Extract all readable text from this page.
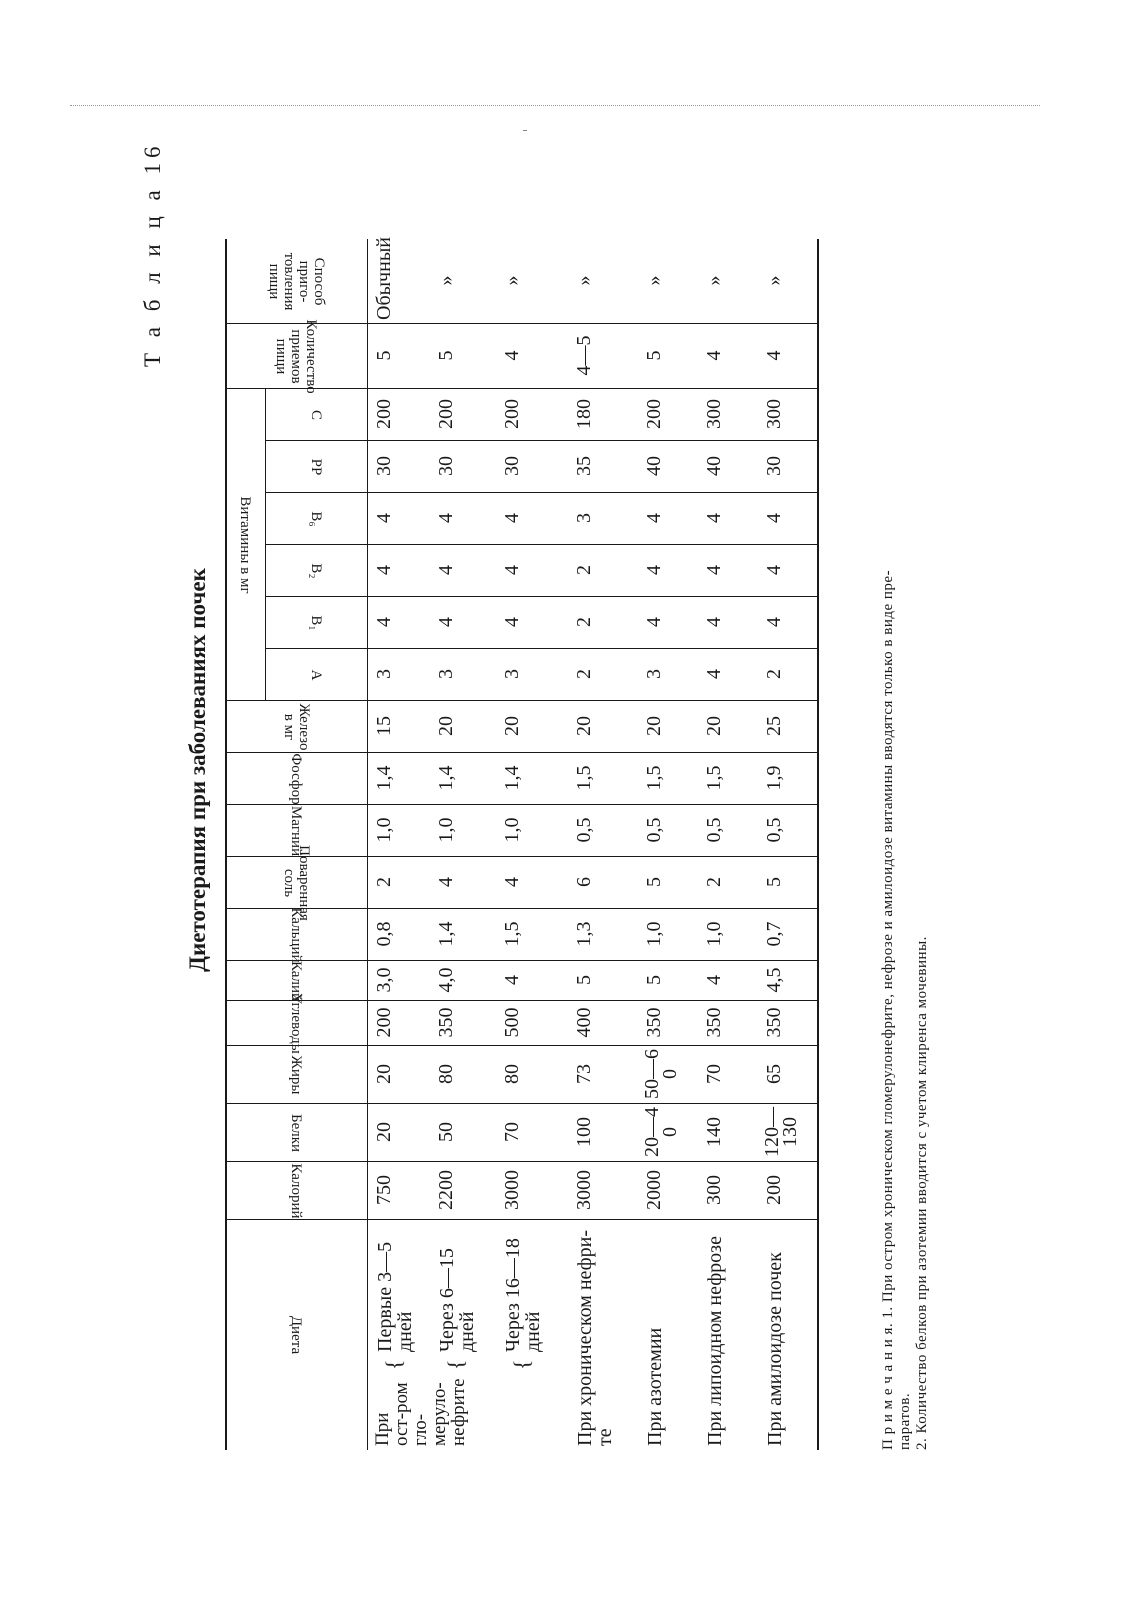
Т а б л и ц а 16
Диетотерапия при заболеваниях почек
Диета
Калорий
Белки
Жиры
Углеводы
Калий
Кальций
Поваренная соль
Магний
Фосфор
Железо в мг
A
B₁
B₂
B₆
PP
C
Количество приемов пищи
Способ приго-товления пищи
Витамины в мг
При ост-ром гло-меруло-нефрите
{ { {
Первые 3—5 дней
750
20
20
200
3,0
0,8
2
1,0
1,4
15
3
4
4
4
30
200
5
Обычный
Через 6—15 дней
2200
50
80
350
4,0
1,4
4
1,0
1,4
20
3
4
4
4
30
200
5
»
Через 16—18 дней
3000
70
80
500
4
1,5
4
1,0
1,4
20
3
4
4
4
30
200
4
»
При хроническом нефри-те
3000
100
73
400
5
1,3
6
0,5
1,5
20
2
2
2
3
35
180
4—5
»
При азотемии
2000
20—40
50—60
350
5
1,0
5
0,5
1,5
20
3
4
4
4
40
200
5
»
При липоидном нефрозе
300
140
70
350
4
1,0
2
0,5
1,5
20
4
4
4
4
40
300
4
»
При амилоидозе почек
200
120—130
65
350
4,5
0,7
5
0,5
1,9
25
2
4
4
4
30
300
4
»
П р и м е ч а н и я. 1. При остром хроническом гломерулонефрите, нефрозе и амилоидозе витамины вводятся только в виде пре- паратов. 2. Количество белков при азотемии вводится с учетом клиренса мочевины.
